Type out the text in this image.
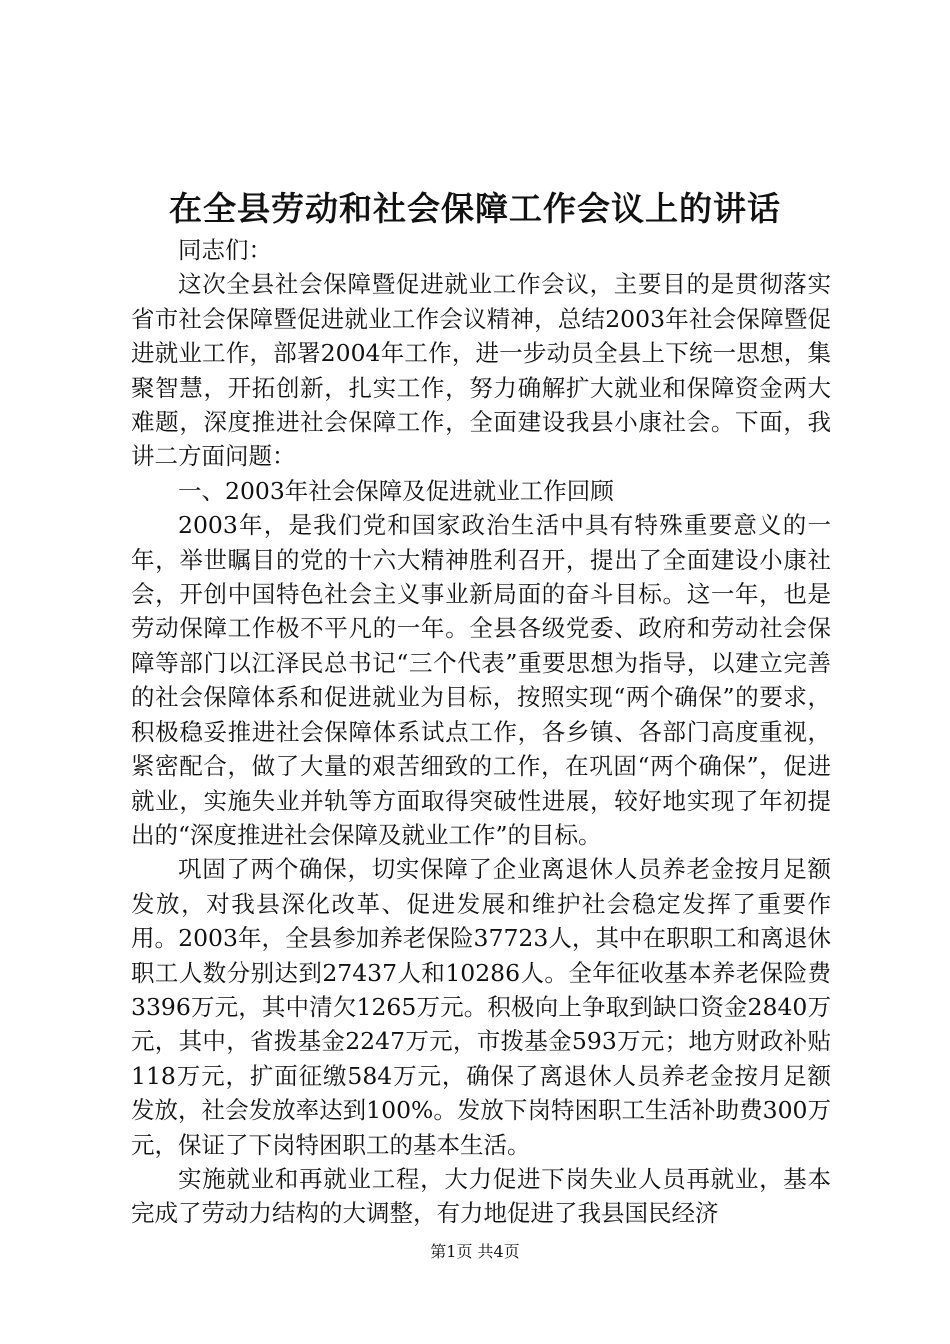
在全县劳动和社会保障工作会议上的讲话

同志们：

这次全县社会保障暨促进就业工作会议，主要目的是贯彻落实省市社会保障暨促进就业工作会议精神，总结2003年社会保障暨促进就业工作，部署2004年工作，进一步动员全县上下统一思想，集聚智慧，开拓创新，扎实工作，努力确解扩大就业和保障资金两大难题，深度推进社会保障工作，全面建设我县小康社会。下面，我讲二方面问题：

一、2003年社会保障及促进就业工作回顾

2003年，是我们党和国家政治生活中具有特殊重要意义的一年，举世瞩目的党的十六大精神胜利召开，提出了全面建设小康社会，开创中国特色社会主义事业新局面的奋斗目标。这一年，也是劳动保障工作极不平凡的一年。全县各级党委、政府和劳动社会保障等部门以江泽民总书记“三个代表”重要思想为指导，以建立完善的社会保障体系和促进就业为目标，按照实现“两个确保”的要求，积极稳妥推进社会保障体系试点工作，各乡镇、各部门高度重视，紧密配合，做了大量的艰苦细致的工作，在巩固“两个确保”，促进就业，实施失业并轨等方面取得突破性进展，较好地实现了年初提出的“深度推进社会保障及就业工作”的目标。

巩固了两个确保，切实保障了企业离退休人员养老金按月足额发放，对我县深化改革、促进发展和维护社会稳定发挥了重要作用。2003年，全县参加养老保险37723人，其中在职职工和离退休职工人数分别达到27437人和10286人。全年征收基本养老保险费3396万元，其中清欠1265万元。积极向上争取到缺口资金2840万元，其中，省拨基金2247万元，市拨基金593万元；地方财政补贴118万元，扩面征缴584万元，确保了离退休人员养老金按月足额发放，社会发放率达到100%。发放下岗特困职工生活补助费300万元，保证了下岗特困职工的基本生活。

实施就业和再就业工程，大力促进下岗失业人员再就业，基本完成了劳动力结构的大调整，有力地促进了我县国民经济

第1页 共4页
